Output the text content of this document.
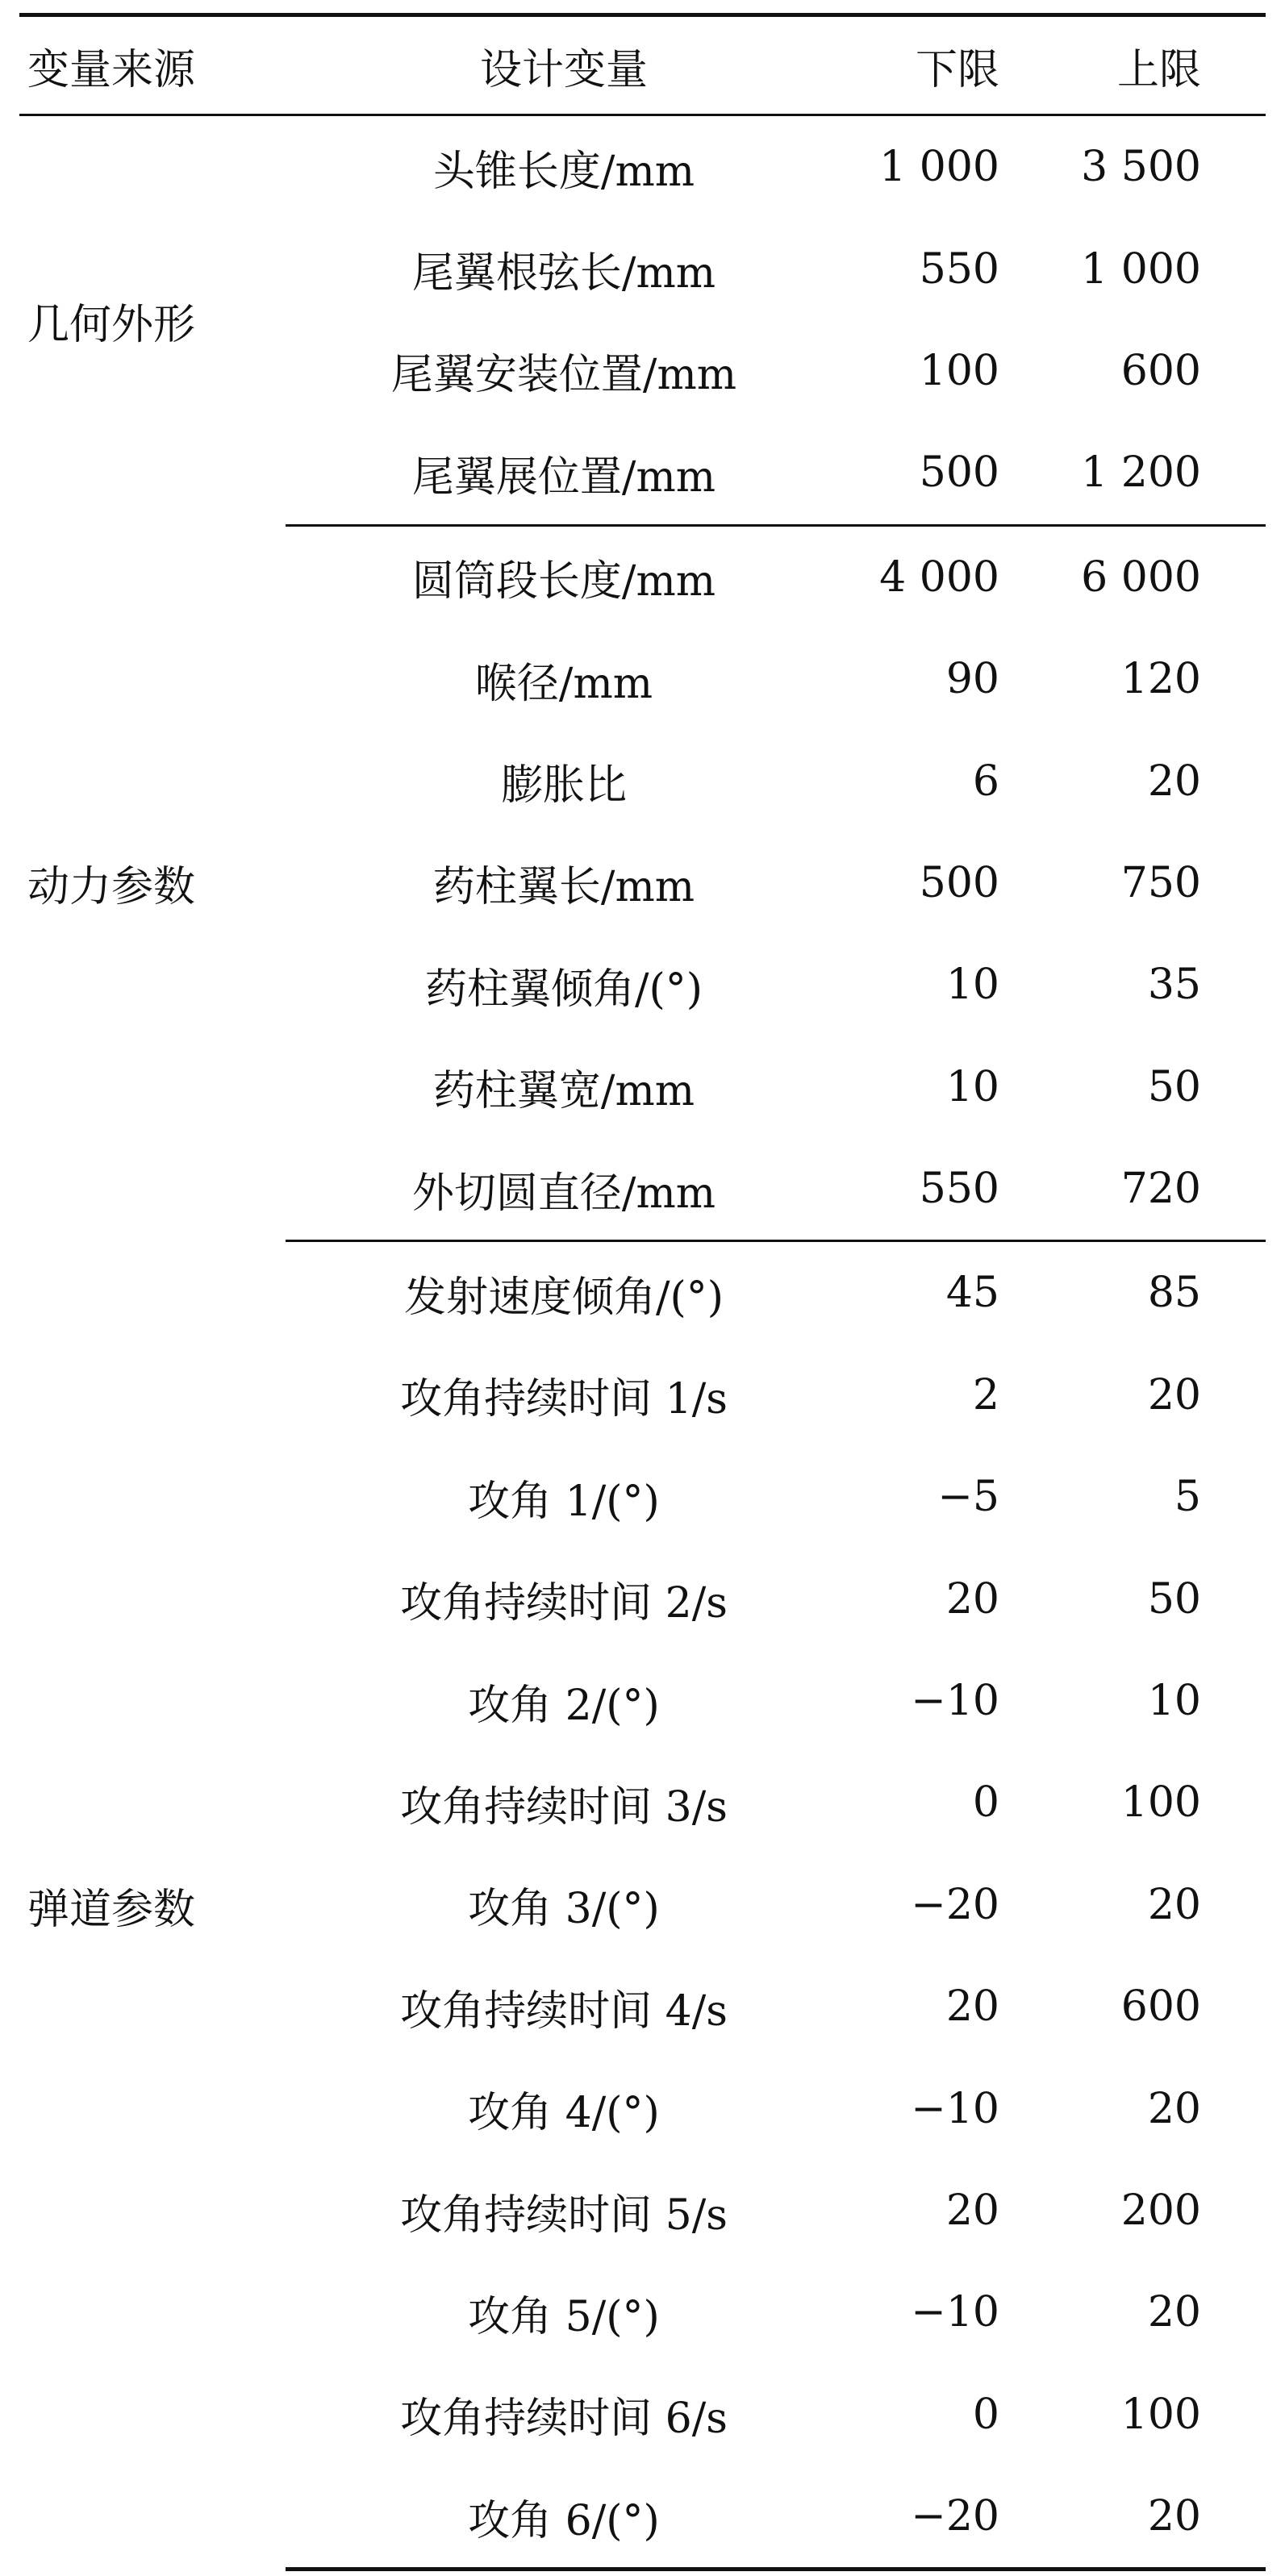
变量来源	设计变量	下限	上限
几何外形	头锥长度/mm	1 000	3 500
	尾翼根弦长/mm	550	1 000
	尾翼安装位置/mm	100	600
	尾翼展位置/mm	500	1 200
动力参数	圆筒段长度/mm	4 000	6 000
	喉径/mm	90	120
	膨胀比	6	20
	药柱翼长/mm	500	750
	药柱翼倾角/(°)	10	35
	药柱翼宽/mm	10	50
	外切圆直径/mm	550	720
弹道参数	发射速度倾角/(°)	45	85
	攻角持续时间 1/s	2	20
	攻角 1/(°)	−5	5
	攻角持续时间 2/s	20	50
	攻角 2/(°)	−10	10
	攻角持续时间 3/s	0	100
	攻角 3/(°)	−20	20
	攻角持续时间 4/s	20	600
	攻角 4/(°)	−10	20
	攻角持续时间 5/s	20	200
	攻角 5/(°)	−10	20
	攻角持续时间 6/s	0	100
	攻角 6/(°)	−20	20
